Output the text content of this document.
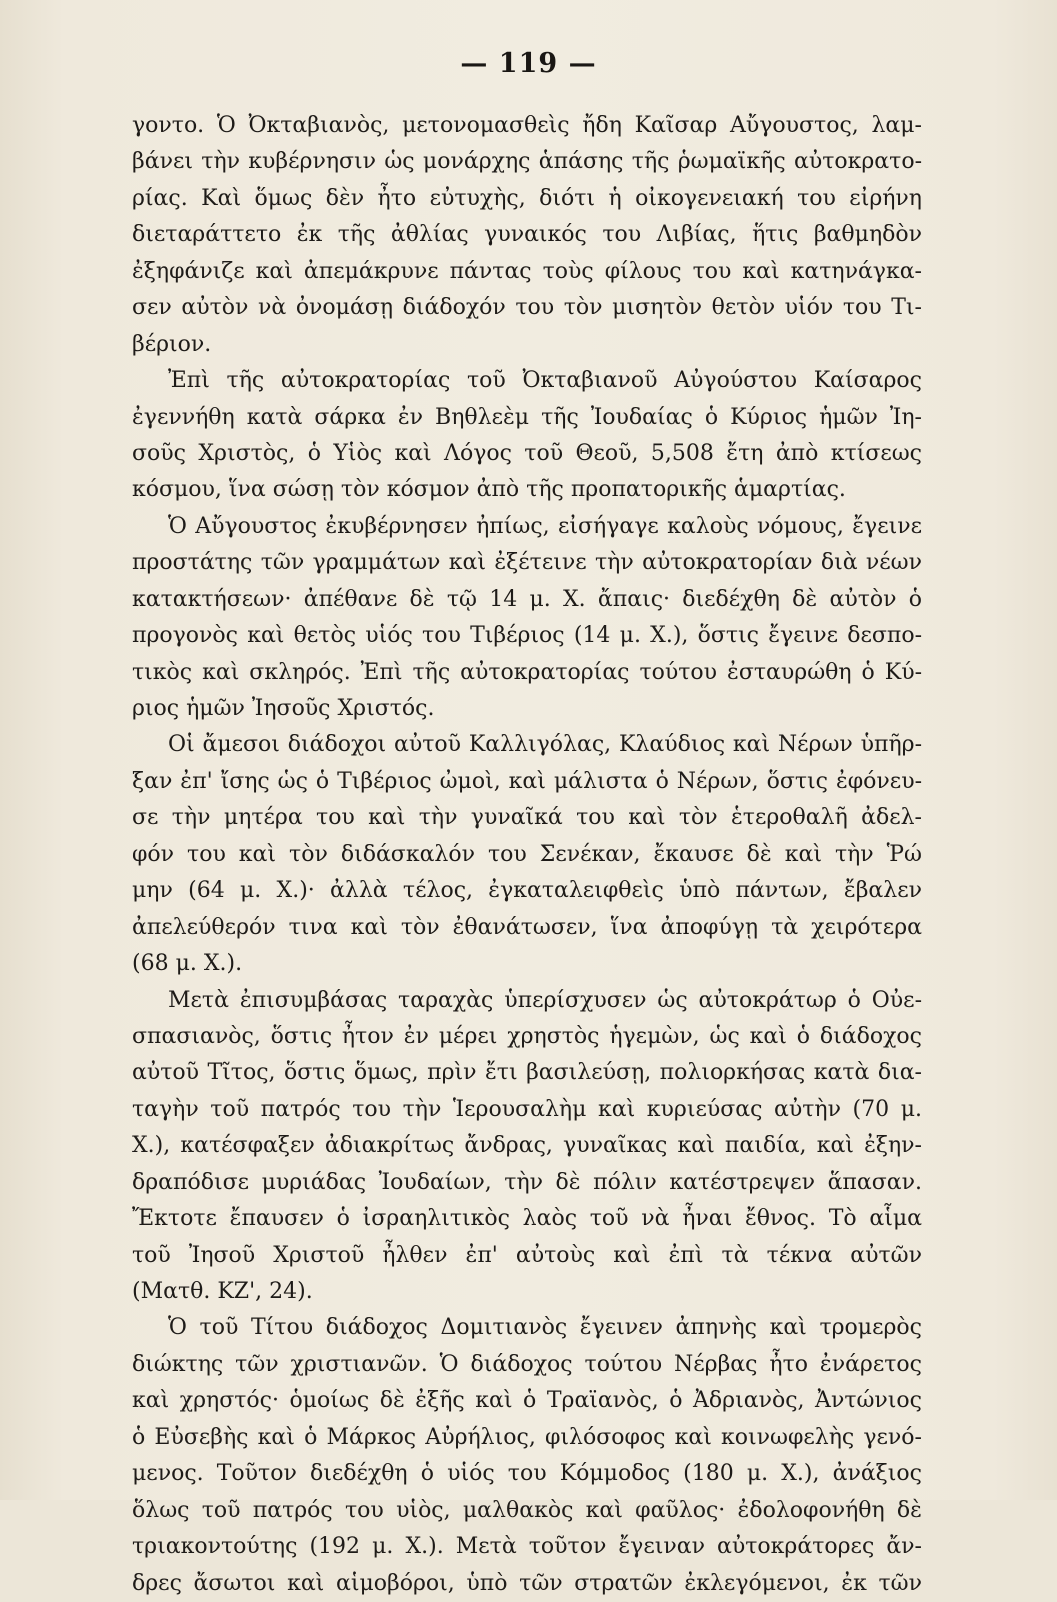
— 119 —
γοντο. Ὁ Ὀκταβιανὸς, μετονομασθεὶς ἤδη Καῖσαρ Αὔγουστος, λαμ-
βάνει τὴν κυβέρνησιν ὡς μονάρχης ἁπάσης τῆς ῥωμαϊκῆς αὐτοκρατο-
ρίας. Καὶ ὅμως δὲν ἦτο εὐτυχὴς, διότι ἡ οἰκογενειακή του εἰρήνη
διεταράττετο ἐκ τῆς ἀθλίας γυναικός του Λιβίας, ἥτις βαθμηδὸν
ἐξηφάνιζε καὶ ἀπεμάκρυνε πάντας τοὺς φίλους του καὶ κατηνάγκα-
σεν αὐτὸν νὰ ὀνομάσῃ διάδοχόν του τὸν μισητὸν θετὸν υἱόν του Τι-
βέριον.
Ἐπὶ τῆς αὐτοκρατορίας τοῦ Ὀκταβιανοῦ Αὐγούστου Καίσαρος
ἐγεννήθη κατὰ σάρκα ἐν Βηθλεὲμ τῆς Ἰουδαίας ὁ Κύριος ἡμῶν Ἰη-
σοῦς Χριστὸς, ὁ Υἱὸς καὶ Λόγος τοῦ Θεοῦ, 5,508 ἔτη ἀπὸ κτίσεως
κόσμου, ἵνα σώσῃ τὸν κόσμον ἀπὸ τῆς προπατορικῆς ἁμαρτίας.
Ὁ Αὔγουστος ἐκυβέρνησεν ἠπίως, εἰσήγαγε καλοὺς νόμους, ἔγεινε
προστάτης τῶν γραμμάτων καὶ ἐξέτεινε τὴν αὐτοκρατορίαν διὰ νέων
κατακτήσεων· ἀπέθανε δὲ τῷ 14 μ. Χ. ἄπαις· διεδέχθη δὲ αὐτὸν ὁ
προγονὸς καὶ θετὸς υἱός του Τιβέριος (14 μ. Χ.), ὅστις ἔγεινε δεσπο-
τικὸς καὶ σκληρός. Ἐπὶ τῆς αὐτοκρατορίας τούτου ἐσταυρώθη ὁ Κύ-
ριος ἡμῶν Ἰησοῦς Χριστός.
Οἱ ἄμεσοι διάδοχοι αὐτοῦ Καλλιγόλας, Κλαύδιος καὶ Νέρων ὑπῆρ-
ξαν ἐπ' ἴσης ὡς ὁ Τιβέριος ὠμοὶ, καὶ μάλιστα ὁ Νέρων, ὅστις ἐφόνευ-
σε τὴν μητέρα του καὶ τὴν γυναῖκά του καὶ τὸν ἑτεροθαλῆ ἀδελ-
φόν του καὶ τὸν διδάσκαλόν του Σενέκαν, ἔκαυσε δὲ καὶ τὴν Ῥώ
μην (64 μ. Χ.)· ἀλλὰ τέλος, ἐγκαταλειφθεὶς ὑπὸ πάντων, ἔβαλεν
ἀπελεύθερόν τινα καὶ τὸν ἐθανάτωσεν, ἵνα ἀποφύγῃ τὰ χειρότερα
(68 μ. Χ.).
Μετὰ ἐπισυμβάσας ταραχὰς ὑπερίσχυσεν ὡς αὐτοκράτωρ ὁ Οὐε-
σπασιανὸς, ὅστις ἦτον ἐν μέρει χρηστὸς ἡγεμὼν, ὡς καὶ ὁ διάδοχος
αὐτοῦ Τῖτος, ὅστις ὅμως, πρὶν ἔτι βασιλεύσῃ, πολιορκήσας κατὰ δια-
ταγὴν τοῦ πατρός του τὴν Ἱερουσαλὴμ καὶ κυριεύσας αὐτὴν (70 μ.
Χ.), κατέσφαξεν ἀδιακρίτως ἄνδρας, γυναῖκας καὶ παιδία, καὶ ἐξην-
δραπόδισε μυριάδας Ἰουδαίων, τὴν δὲ πόλιν κατέστρεψεν ἅπασαν.
Ἔκτοτε ἔπαυσεν ὁ ἰσραηλιτικὸς λαὸς τοῦ νὰ ἦναι ἔθνος. Τὸ αἷμα
τοῦ Ἰησοῦ Χριστοῦ ἦλθεν ἐπ' αὐτοὺς καὶ ἐπὶ τὰ τέκνα αὐτῶν
(Ματθ. ΚΖ', 24).
Ὁ τοῦ Τίτου διάδοχος Δομιτιανὸς ἔγεινεν ἀπηνὴς καὶ τρομερὸς
διώκτης τῶν χριστιανῶν. Ὁ διάδοχος τούτου Νέρβας ἦτο ἐνάρετος
καὶ χρηστός· ὁμοίως δὲ ἐξῆς καὶ ὁ Τραϊανὸς, ὁ Ἀδριανὸς, Ἀντώνιος
ὁ Εὐσεβὴς καὶ ὁ Μάρκος Αὐρήλιος, φιλόσοφος καὶ κοινωφελὴς γενό-
μενος. Τοῦτον διεδέχθη ὁ υἱός του Κόμμοδος (180 μ. Χ.), ἀνάξιος
ὅλως τοῦ πατρός του υἱὸς, μαλθακὸς καὶ φαῦλος· ἐδολοφονήθη δὲ
τριακοντούτης (192 μ. Χ.). Μετὰ τοῦτον ἔγειναν αὐτοκράτορες ἄν-
δρες ἄσωτοι καὶ αἱμοβόροι, ὑπὸ τῶν στρατῶν ἐκλεγόμενοι, ἐκ τῶν
